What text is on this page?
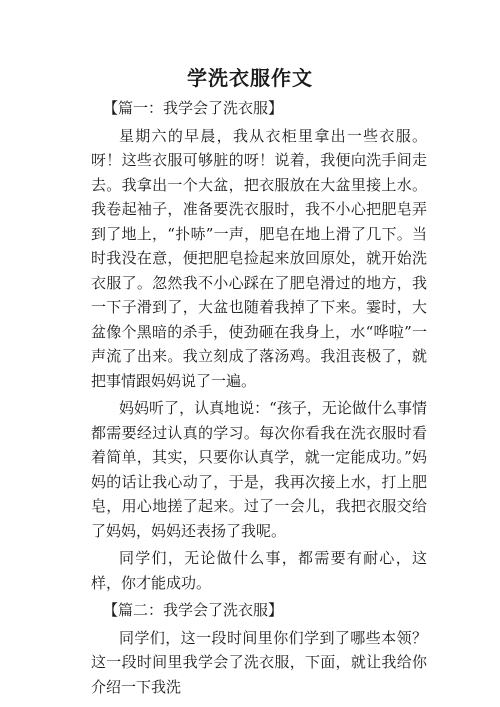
学洗衣服作文

【篇一：我学会了洗衣服】

星期六的早晨，我从衣柜里拿出一些衣服。呀！这些衣服可够脏的呀！说着，我便向洗手间走去。我拿出一个大盆，把衣服放在大盆里接上水。我卷起袖子，准备要洗衣服时，我不小心把肥皂弄到了地上，“扑哧”一声，肥皂在地上滑了几下。当时我没在意，便把肥皂捡起来放回原处，就开始洗衣服了。忽然我不小心踩在了肥皂滑过的地方，我一下子滑到了，大盆也随着我掉了下来。霎时，大盆像个黑暗的杀手，使劲砸在我身上，水“哗啦”一声流了出来。我立刻成了落汤鸡。我沮丧极了，就把事情跟妈妈说了一遍。

妈妈听了，认真地说：“孩子，无论做什么事情都需要经过认真的学习。每次你看我在洗衣服时看着简单，其实，只要你认真学，就一定能成功。”妈妈的话让我心动了，于是，我再次接上水，打上肥皂，用心地搓了起来。过了一会儿，我把衣服交给了妈妈，妈妈还表扬了我呢。

同学们，无论做什么事，都需要有耐心，这样，你才能成功。

【篇二：我学会了洗衣服】

同学们，这一段时间里你们学到了哪些本领？这一段时间里我学会了洗衣服，下面，就让我给你介绍一下我洗
